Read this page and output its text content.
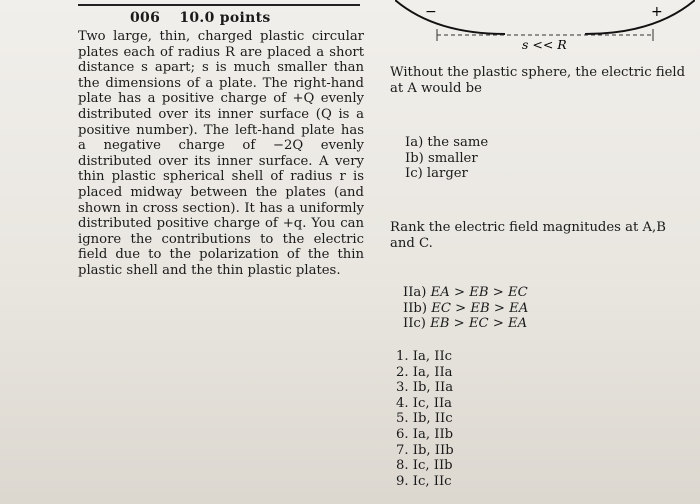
006 10.0 points
Two large, thin, charged plastic circular plates each of radius R are placed a short distance s apart; s is much smaller than the dimensions of a plate. The right-hand plate has a positive charge of +Q evenly distributed over its inner surface (Q is a positive number). The left-hand plate has a negative charge of −2Q evenly distributed over its inner surface. A very thin plastic spherical shell of radius r is placed midway between the plates (and shown in cross section). It has a uniformly distributed positive charge of +q. You can ignore the contributions to the electric field due to the polarization of the thin plastic shell and the thin plastic plates.
−	+
s << R
Without the plastic sphere, the electric field at A would be
Ia) the same
Ib) smaller
Ic) larger
Rank the electric field magnitudes at A,B and C.
IIa) EA > EB > EC
IIb) EC > EB > EA
IIc) EB > EC > EA
1. Ia, IIc
2. Ia, IIa
3. Ib, IIa
4. Ic, IIa
5. Ib, IIc
6. Ia, IIb
7. Ib, IIb
8. Ic, IIb
9. Ic, IIc
